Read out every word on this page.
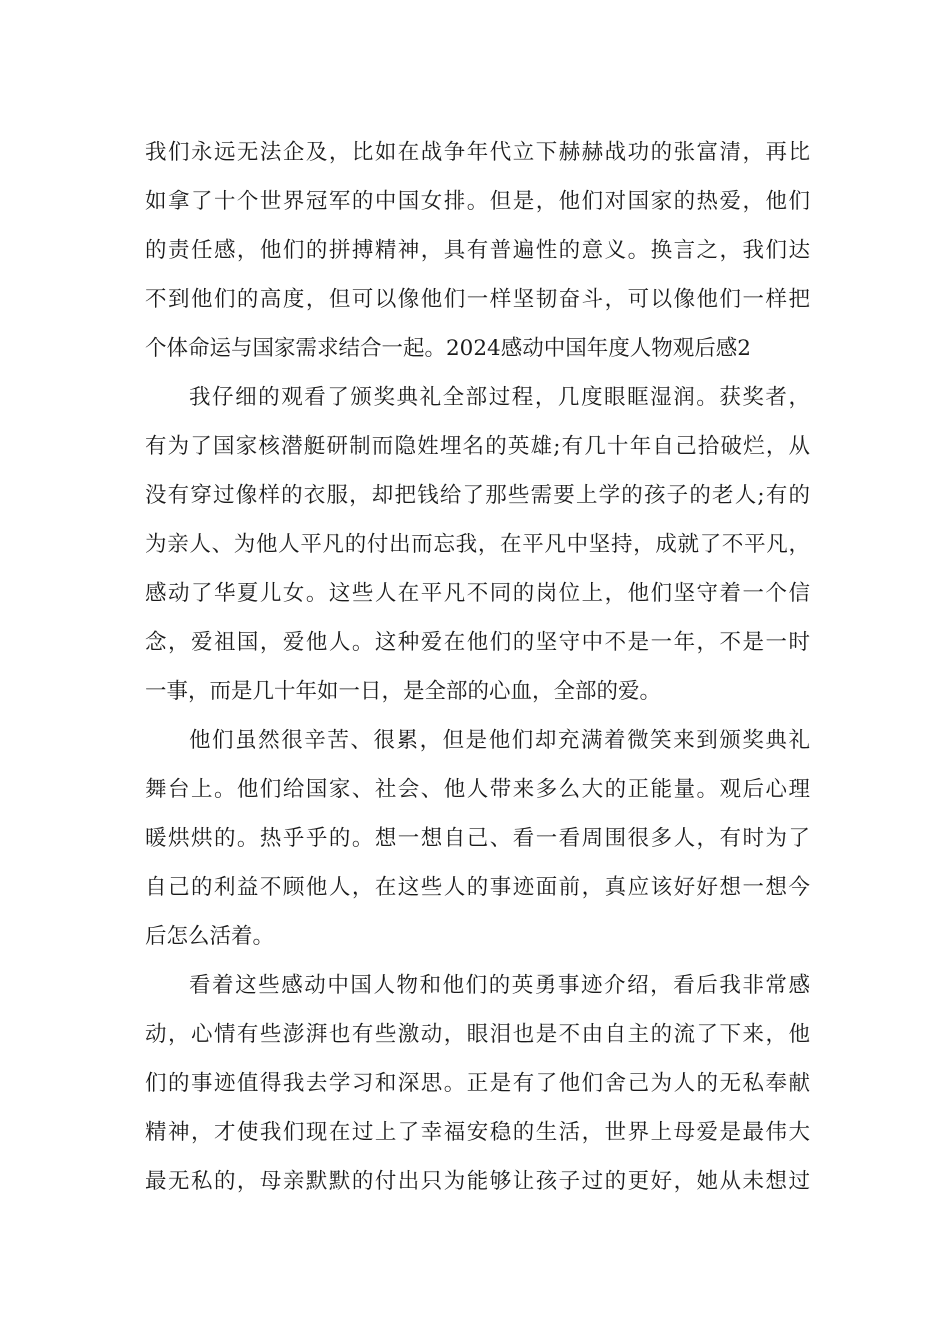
我们永远无法企及，比如在战争年代立下赫赫战功的张富清，再比
如拿了十个世界冠军的中国女排。但是，他们对国家的热爱，他们
的责任感，他们的拼搏精神，具有普遍性的意义。换言之，我们达
不到他们的高度，但可以像他们一样坚韧奋斗，可以像他们一样把
个体命运与国家需求结合一起。2024感动中国年度人物观后感2
我仔细的观看了颁奖典礼全部过程，几度眼眶湿润。获奖者，
有为了国家核潜艇研制而隐姓埋名的英雄;有几十年自己拾破烂，从
没有穿过像样的衣服，却把钱给了那些需要上学的孩子的老人;有的
为亲人、为他人平凡的付出而忘我，在平凡中坚持，成就了不平凡，
感动了华夏儿女。这些人在平凡不同的岗位上，他们坚守着一个信
念，爱祖国，爱他人。这种爱在他们的坚守中不是一年，不是一时
一事，而是几十年如一日，是全部的心血，全部的爱。
他们虽然很辛苦、很累，但是他们却充满着微笑来到颁奖典礼
舞台上。他们给国家、社会、他人带来多么大的正能量。观后心理
暖烘烘的。热乎乎的。想一想自己、看一看周围很多人，有时为了
自己的利益不顾他人，在这些人的事迹面前，真应该好好想一想今
后怎么活着。
看着这些感动中国人物和他们的英勇事迹介绍，看后我非常感
动，心情有些澎湃也有些激动，眼泪也是不由自主的流了下来，他
们的事迹值得我去学习和深思。正是有了他们舍己为人的无私奉献
精神，才使我们现在过上了幸福安稳的生活，世界上母爱是最伟大
最无私的，母亲默默的付出只为能够让孩子过的更好，她从未想过
